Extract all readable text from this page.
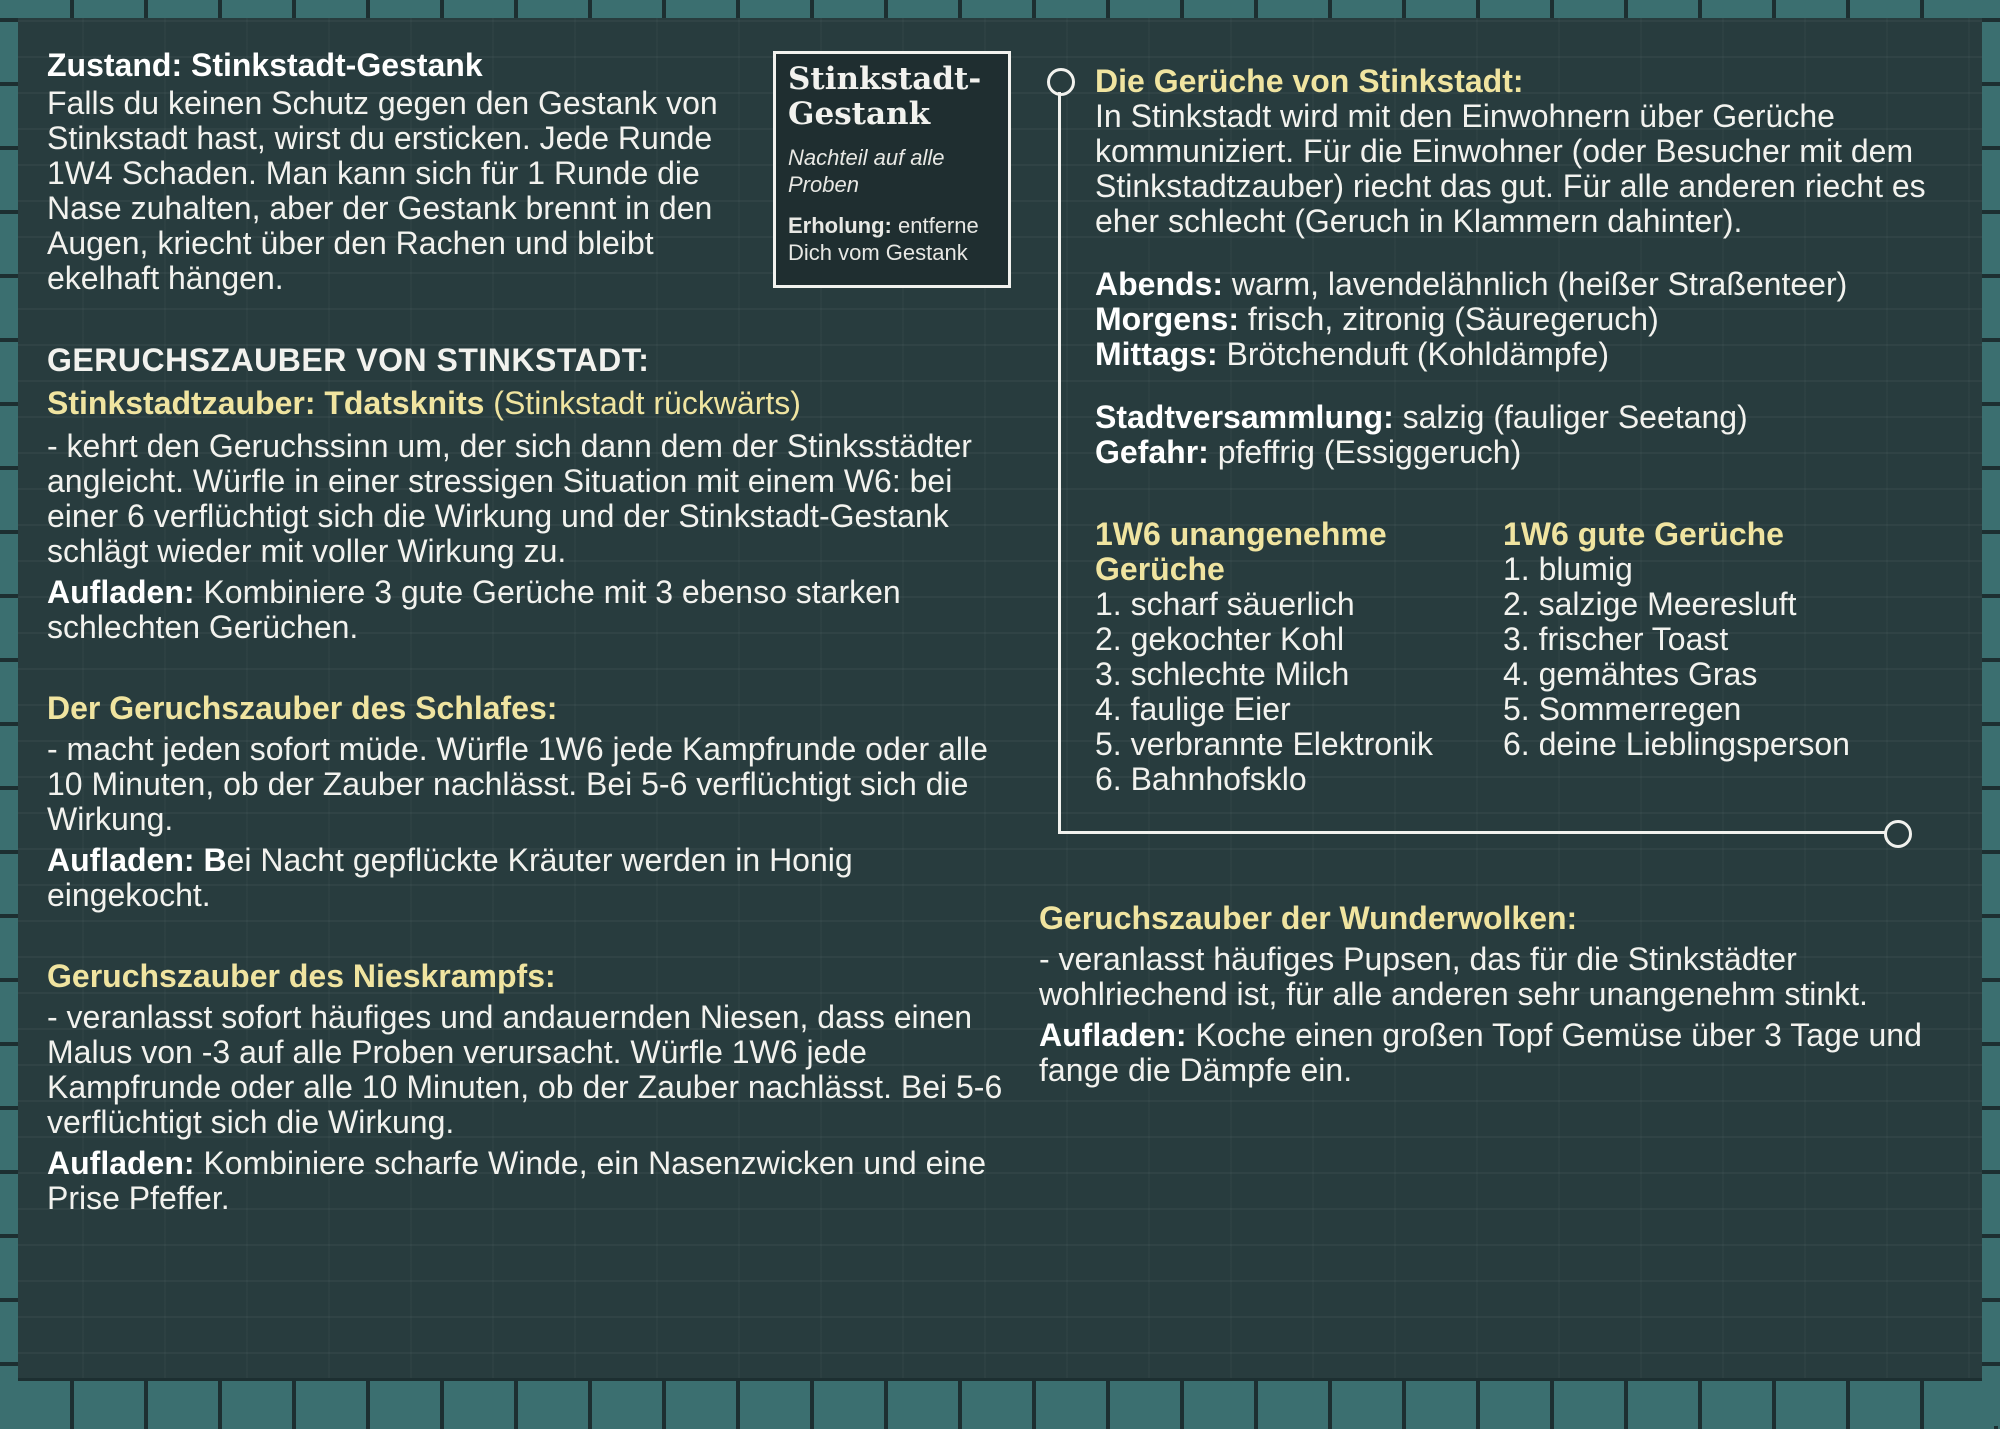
Zustand: Stinkstadt-Gestank

Falls du keinen Schutz gegen den Gestank von Stinkstadt hast, wirst du ersticken. Jede Runde 1W4 Schaden. Man kann sich für 1 Runde die Nase zuhalten, aber der Gestank brennt in den Augen, kriecht über den Rachen und bleibt ekelhaft hängen.

Stinkstadt-
Gestank
Nachteil auf alle Proben
Erholung: entferne
Dich vom Gestank

GERUCHSZAUBER VON STINKSTADT:

Stinkstadtzauber: Tdatsknits (Stinkstadt rückwärts)

- kehrt den Geruchssinn um, der sich dann dem der Stinksstädter angleicht. Würfle in einer stressigen Situation mit einem W6: bei einer 6 verflüchtigt sich die Wirkung und der Stinkstadt-Gestank schlägt wieder mit voller Wirkung zu.

Aufladen: Kombiniere 3 gute Gerüche mit 3 ebenso starken schlechten Gerüchen.

Der Geruchszauber des Schlafes:

- macht jeden sofort müde. Würfle 1W6 jede Kampfrunde oder alle 10 Minuten, ob der Zauber nachlässt. Bei 5-6 verflüchtigt sich die Wirkung.

Aufladen: Bei Nacht gepflückte Kräuter werden in Honig eingekocht.

Geruchszauber des Nieskrampfs:

- veranlasst sofort häufiges und andauernden Niesen, dass einen Malus von -3 auf alle Proben verursacht. Würfle 1W6 jede Kampfrunde oder alle 10 Minuten, ob der Zauber nachlässt. Bei 5-6 verflüchtigt sich die Wirkung.

Aufladen: Kombiniere scharfe Winde, ein Nasenzwicken und eine Prise Pfeffer.

Die Gerüche von Stinkstadt:

In Stinkstadt wird mit den Einwohnern über Gerüche kommuniziert. Für die Einwohner (oder Besucher mit dem Stinkstadtzauber) riecht das gut. Für alle anderen riecht es eher schlecht (Geruch in Klammern dahinter).

Abends: warm, lavendelähnlich (heißer Straßenteer)

Morgens: frisch, zitronig (Säuregeruch)

Mittags: Brötchenduft (Kohldämpfe)

Stadtversammlung: salzig (fauliger Seetang)

Gefahr: pfeffrig (Essiggeruch)

1W6 unangenehme
Gerüche
1. scharf säuerlich
2. gekochter Kohl
3. schlechte Milch
4. faulige Eier
5. verbrannte Elektronik
6. Bahnhofsklo
1W6 gute Gerüche
1. blumig
2. salzige Meeresluft
3. frischer Toast
4. gemähtes Gras
5. Sommerregen
6. deine Lieblingsperson

Geruchszauber der Wunderwolken:

- veranlasst häufiges Pupsen, das für die Stinkstädter wohlriechend ist, für alle anderen sehr unangenehm stinkt.

Aufladen: Koche einen großen Topf Gemüse über 3 Tage und fange die Dämpfe ein.
